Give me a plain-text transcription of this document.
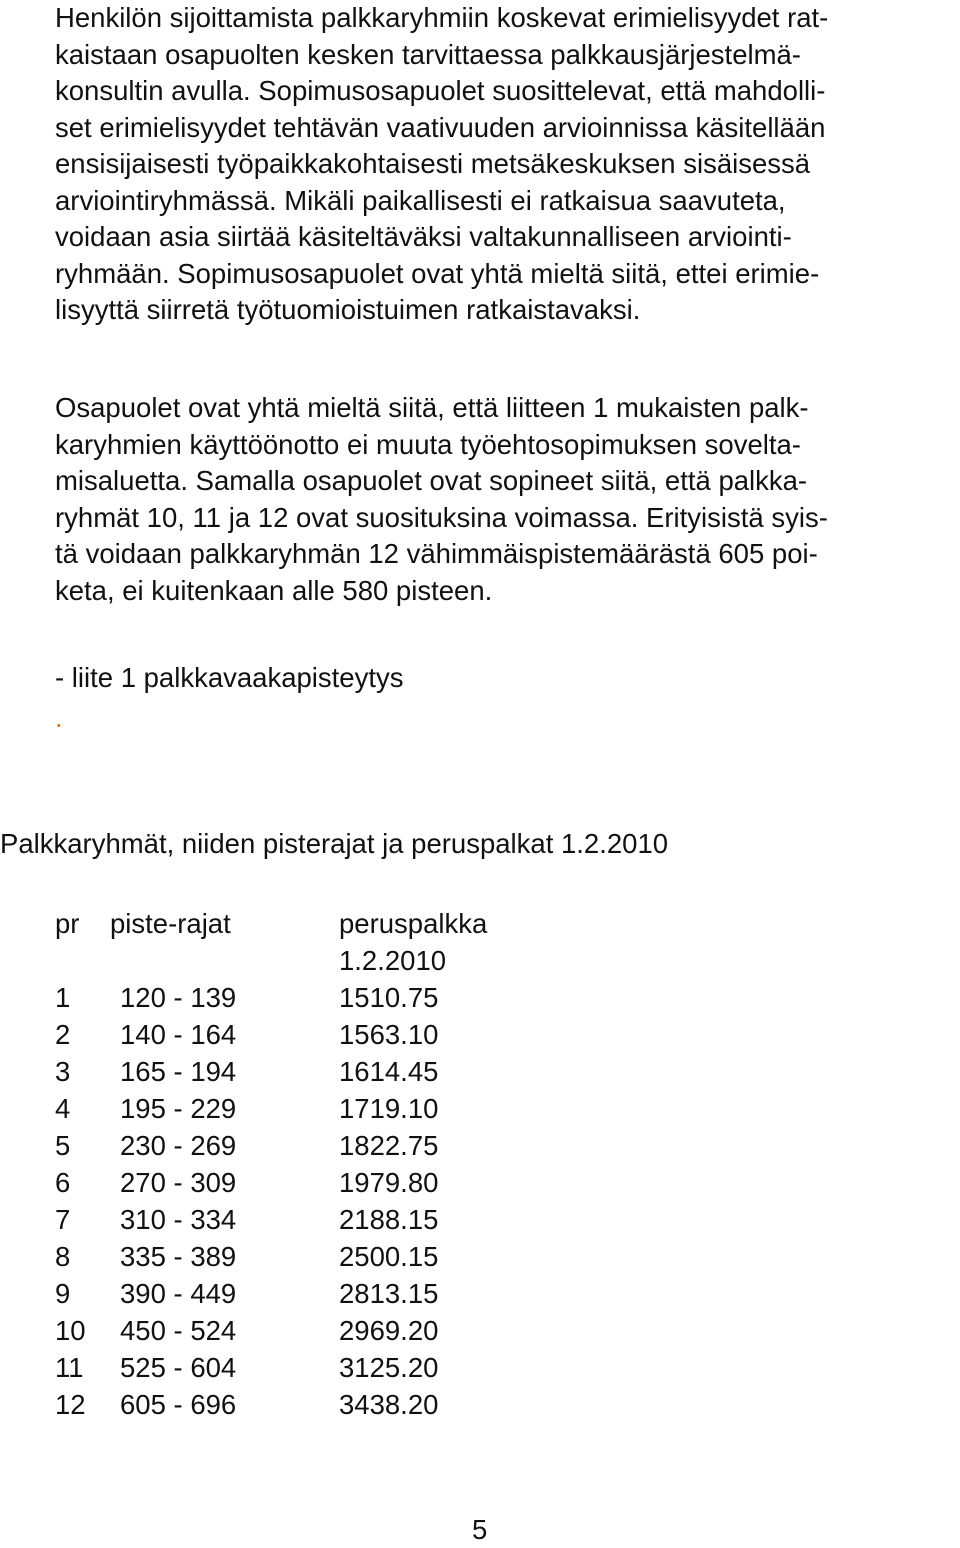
Henkilön sijoittamista palkkaryhmiin koskevat erimielisyydet rat-
kaistaan osapuolten kesken tarvittaessa palkkausjärjestelmä-
konsultin avulla. Sopimusosapuolet suosittelevat, että mahdolli-
set erimielisyydet tehtävän vaativuuden arvioinnissa käsitellään
ensisijaisesti työpaikkakohtaisesti metsäkeskuksen sisäisessä
arviointiryhmässä. Mikäli paikallisesti ei ratkaisua saavuteta,
voidaan asia siirtää käsiteltäväksi valtakunnalliseen arviointi-
ryhmään. Sopimusosapuolet ovat yhtä mieltä siitä, ettei erimie-
lisyyttä siirretä työtuomioistuimen ratkaistavaksi.
Osapuolet ovat yhtä mieltä siitä, että liitteen 1 mukaisten palk-
karyhmien käyttöönotto ei muuta työehtosopimuksen sovelta-
misaluetta. Samalla osapuolet ovat sopineet siitä, että palkka-
ryhmät 10, 11 ja 12 ovat suosituksina voimassa. Erityisistä syis-
tä voidaan palkkaryhmän 12 vähimmäispistemäärästä 605 poi-
keta, ei kuitenkaan alle 580 pisteen.
- liite 1 palkkavaakapisteytys
.
Palkkaryhmät, niiden pisterajat ja peruspalkat 1.2.2010
pr piste-rajat	peruspalkka
1.2.2010
1 120 - 139	1510.75
2 140 - 164	1563.10
3 165 - 194	1614.45
4 195 - 229	1719.10
5 230 - 269	1822.75
6 270 - 309	1979.80
7 310 - 334	2188.15
8 335 - 389	2500.15
9 390 - 449	2813.15
10 450 - 524	2969.20
11 525 - 604	3125.20
12 605 - 696	3438.20
5
